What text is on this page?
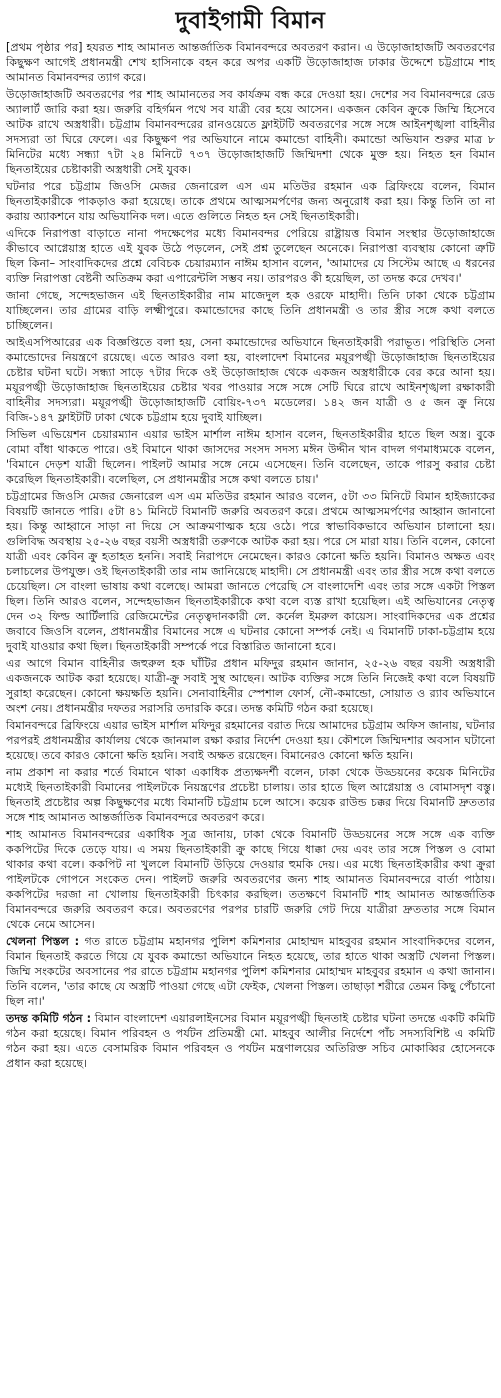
দুবাইগামী বিমান

[প্রথম পৃষ্ঠার পর] হযরত শাহ আমানত আন্তর্জাতিক বিমানবন্দরে অবতরণ করান। এ উড়োজাহাজটি অবতরণের কিছুক্ষণ আগেই প্রধানমন্ত্রী শেখ হাসিনাকে বহন করে অপর একটি উড়োজাহাজ ঢাকার উদ্দেশে চট্টগ্রামে শাহ আমানত বিমানবন্দর ত্যাগ করে।

উড়োজাহাজটি অবতরণের পর শাহ আমানতের সব কার্যক্রম বন্ধ করে দেওয়া হয়। দেশের সব বিমানবন্দরে রেড অ্যালার্ট জারি করা হয়। জরুরি বহির্গমন পথে সব যাত্রী বের হয়ে আসেন। একজন কেবিন ক্রুকে জিম্মি হিসেবে আটক রাখে অস্ত্রধারী। চট্টগ্রাম বিমানবন্দরের রানওয়েতে ফ্লাইটটি অবতরণের সঙ্গে সঙ্গে আইনশৃঙ্খলা বাহিনীর সদস্যরা তা ঘিরে ফেলে। এর কিছুক্ষণ পর অভিযানে নামে কমান্ডো বাহিনী। কমান্ডো অভিযান শুরুর মাত্র ৮ মিনিটের মধ্যে সন্ধ্যা ৭টা ২৪ মিনিটে ৭৩৭ উড়োজাহাজটি জিম্মিদশা থেকে মুক্ত হয়। নিহত হন বিমান ছিনতাইয়ের চেষ্টাকারী অস্ত্রধারী সেই যুবক।

ঘটনার পরে চট্টগ্রাম জিওসি মেজর জেনারেল এস এম মতিউর রহমান এক ব্রিফিংয়ে বলেন, বিমান ছিনতাইকারীকে পাকড়াও করা হয়েছে। তাকে প্রথমে আত্মসমর্পণের জন্য অনুরোধ করা হয়। কিন্তু তিনি তা না করায় অ্যাকশনে যায় অভিযানিক দল। এতে গুলিতে নিহত হন সেই ছিনতাইকারী।

এদিকে নিরাপত্তা বাড়াতে নানা পদক্ষেপের মধ্যে বিমানবন্দর পেরিয়ে রাষ্ট্রায়ত্ত বিমান সংস্থার উড়োজাহাজে কীভাবে আগ্নেয়াস্ত্র হাতে এই যুবক উঠে পড়লেন, সেই প্রশ্ন তুলেছেন অনেকে। নিরাপত্তা ব্যবস্থায় কোনো ত্রুটি ছিল কিনা– সাংবাদিকদের প্রশ্নে বেবিচক চেয়ারম্যান নাঈম হাসান বলেন, 'আমাদের যে সিস্টেম আছে এ ধরনের ব্যক্তি নিরাপত্তা বেষ্টনী অতিক্রম করা এপারেন্টলি সম্ভব নয়। তারপরও কী হয়েছিল, তা তদন্ত করে দেখব।'

জানা গেছে, সন্দেহভাজন এই ছিনতাইকারীর নাম মাজেদুল হক ওরফে মাহাদী। তিনি ঢাকা থেকে চট্টগ্রাম যাচ্ছিলেন। তার গ্রামের বাড়ি লক্ষ্মীপুরে। কমান্ডোদের কাছে তিনি প্রধানমন্ত্রী ও তার স্ত্রীর সঙ্গে কথা বলতে চাচ্ছিলেন।

আইএসপিআরের এক বিজ্ঞপ্তিতে বলা হয়, সেনা কমান্ডোদের অভিযানে ছিনতাইকারী পরাভূত। পরিস্থিতি সেনা কমান্ডোদের নিয়ন্ত্রণে রয়েছে। এতে আরও বলা হয়, বাংলাদেশ বিমানের ময়ূরপঙ্খী উড়োজাহাজ ছিনতাইয়ের চেষ্টার ঘটনা ঘটে। সন্ধ্যা সাড়ে ৭টার দিকে ওই উড়োজাহাজ থেকে একজন অস্ত্রধারীকে বের করে আনা হয়। ময়ূরপঙ্খী উড়োজাহাজ ছিনতাইয়ের চেষ্টার খবর পাওয়ার সঙ্গে সঙ্গে সেটি ঘিরে রাখে আইনশৃঙ্খলা রক্ষাকারী বাহিনীর সদস্যরা। ময়ূরপঙ্খী উড়োজাহাজটি বোয়িং-৭৩৭ মডেলের। ১৪২ জন যাত্রী ও ৫ জন ক্রু নিয়ে বিজি-১৪৭ ফ্লাইটটি ঢাকা থেকে চট্টগ্রাম হয়ে দুবাই যাচ্ছিল।

সিভিল এভিয়েশন চেয়ারম্যান এয়ার ভাইস মার্শাল নাঈম হাসান বলেন, ছিনতাইকারীর হাতে ছিল অস্ত্র। বুকে বোমা বাঁধা থাকতে পারে। ওই বিমানে থাকা জাসদের সংসদ সদস্য মঈন উদ্দীন খান বাদল গণমাধ্যমকে বলেন, 'বিমানে দেড়শ যাত্রী ছিলেন। পাইলট আমার সঙ্গে নেমে এসেছেন। তিনি বলেছেন, তাকে পারসু করার চেষ্টা করেছিল ছিনতাইকারী। বলেছিল, সে প্রধানমন্ত্রীর সঙ্গে কথা বলতে চায়।'

চট্টগ্রামের জিওসি মেজর জেনারেল এস এম মতিউর রহমান আরও বলেন, ৫টা ৩৩ মিনিটে বিমান হাইজ্যাকের বিষয়টি জানতে পারি। ৫টা ৪১ মিনিটে বিমানটি জরুরি অবতরণ করে। প্রথমে আত্মসমর্পণের আহ্বান জানানো হয়। কিন্তু আহ্বানে সাড়া না দিয়ে সে আক্রমণাত্মক হয়ে ওঠে। পরে স্বাভাবিকভাবে অভিযান চালানো হয়। গুলিবিদ্ধ অবস্থায় ২৫-২৬ বছর বয়সী অস্ত্রধারী তরুণকে আটক করা হয়। পরে সে মারা যায়। তিনি বলেন, কোনো যাত্রী এবং কেবিন ক্রু হতাহত হননি। সবাই নিরাপদে নেমেছেন। কারও কোনো ক্ষতি হয়নি। বিমানও অক্ষত এবং চলাচলের উপযুক্ত। ওই ছিনতাইকারী তার নাম জানিয়েছে মাহাদী। সে প্রধানমন্ত্রী এবং তার স্ত্রীর সঙ্গে কথা বলতে চেয়েছিল। সে বাংলা ভাষায় কথা বলেছে। আমরা জানতে পেরেছি সে বাংলাদেশি এবং তার সঙ্গে একটা পিস্তল ছিল। তিনি আরও বলেন, সন্দেহভাজন ছিনতাইকারীকে কথা বলে ব্যস্ত রাখা হয়েছিল। এই অভিযানের নেতৃত্ব দেন ৩২ ফিল্ড আর্টিলারি রেজিমেন্টের নেতৃত্বদানকারী লে. কর্নেল ইমরুল কায়েস। সাংবাদিকদের এক প্রশ্নের জবাবে জিওসি বলেন, প্রধানমন্ত্রীর বিমানের সঙ্গে এ ঘটনার কোনো সম্পর্ক নেই। এ বিমানটি ঢাকা-চট্টগ্রাম হয়ে দুবাই যাওয়ার কথা ছিল। ছিনতাইকারী সম্পর্কে পরে বিস্তারিত জানানো হবে।

এর আগে বিমান বাহিনীর জহুরুল হক ঘাঁটির প্রধান মফিদুর রহমান জানান, ২৫-২৬ বছর বয়সী অস্ত্রধারী একজনকে আটক করা হয়েছে। যাত্রী-ক্রু সবাই সুস্থ আছেন। আটক ব্যক্তির সঙ্গে তিনি নিজেই কথা বলে বিষয়টি সুরাহা করেছেন। কোনো ক্ষয়ক্ষতি হয়নি। সেনাবাহিনীর স্পেশাল ফোর্স, নৌ-কমান্ডো, সোয়াত ও র‌্যাব অভিযানে অংশ নেয়। প্রধানমন্ত্রীর দফতর সরাসরি তদারকি করে। তদন্ত কমিটি গঠন করা হয়েছে।

বিমানবন্দরে ব্রিফিংয়ে এয়ার ভাইস মার্শাল মফিদুর রহমানের বরাত দিয়ে আমাদের চট্টগ্রাম অফিস জানায়, ঘটনার পরপরই প্রধানমন্ত্রীর কার্যালয় থেকে জানমাল রক্ষা করার নির্দেশ দেওয়া হয়। কৌশলে জিম্মিদশার অবসান ঘটানো হয়েছে। তবে কারও কোনো ক্ষতি হয়নি। সবাই অক্ষত রয়েছেন। বিমানেরও কোনো ক্ষতি হয়নি।

নাম প্রকাশ না করার শর্তে বিমানে থাকা একাধিক প্রত্যক্ষদর্শী বলেন, ঢাকা থেকে উড্ডয়নের কয়েক মিনিটের মধ্যেই ছিনতাইকারী বিমানের পাইলটকে নিয়ন্ত্রণের প্রচেষ্টা চালায়। তার হাতে ছিল আগ্নেয়াস্ত্র ও বোমাসদৃশ বস্তু। ছিনতাই প্রচেষ্টার অল্প কিছুক্ষণের মধ্যে বিমানটি চট্টগ্রাম চলে আসে। কয়েক রাউন্ড চক্কর দিয়ে বিমানটি দ্রুততার সঙ্গে শাহ আমানত আন্তর্জাতিক বিমানবন্দরে অবতরণ করে।

শাহ আমানত বিমানবন্দরের একাধিক সূত্র জানায়, ঢাকা থেকে বিমানটি উড্ডয়নের সঙ্গে সঙ্গে এক ব্যক্তি ককপিটের দিকে তেড়ে যায়। এ সময় ছিনতাইকারী ক্রু কাছে গিয়ে ধাক্কা দেয় এবং তার সঙ্গে পিস্তল ও বোমা থাকার কথা বলে। ককপিট না খুললে বিমানটি উড়িয়ে দেওয়ার হুমকি দেয়। এর মধ্যে ছিনতাইকারীর কথা ক্রুরা পাইলটকে গোপনে সংকেত দেন। পাইলট জরুরি অবতরণের জন্য শাহ আমানত বিমানবন্দরে বার্তা পাঠায়। ককপিটের দরজা না খোলায় ছিনতাইকারী চিৎকার করছিল। ততক্ষণে বিমানটি শাহ আমানত আন্তর্জাতিক বিমানবন্দরে জরুরি অবতরণ করে। অবতরণের পরপর চারটি জরুরি গেট দিয়ে যাত্রীরা দ্রুততার সঙ্গে বিমান থেকে নেমে আসেন।

খেলনা পিস্তল : গত রাতে চট্টগ্রাম মহানগর পুলিশ কমিশনার মোহাম্মদ মাহবুবর রহমান সাংবাদিকদের বলেন, বিমান ছিনতাই করতে গিয়ে যে যুবক কমান্ডো অভিযানে নিহত হয়েছে, তার হাতে থাকা অস্ত্রটি খেলনা পিস্তল। জিম্মি সংকটের অবসানের পর রাতে চট্টগ্রাম মহানগর পুলিশ কমিশনার মোহাম্মদ মাহবুবর রহমান এ কথা জানান। তিনি বলেন, 'তার কাছে যে অস্ত্রটি পাওয়া গেছে এটা ফেইক, খেলনা পিস্তল। তাছাড়া শরীরে তেমন কিছু পেঁচানো ছিল না।'

তদন্ত কমিটি গঠন : বিমান বাংলাদেশ এয়ারলাইনসের বিমান ময়ূরপঙ্খী ছিনতাই চেষ্টার ঘটনা তদন্তে একটি কমিটি গঠন করা হয়েছে। বিমান পরিবহন ও পর্যটন প্রতিমন্ত্রী মো. মাহবুব আলীর নির্দেশে পাঁচ সদস্যবিশিষ্ট এ কমিটি গঠন করা হয়। এতে বেসামরিক বিমান পরিবহন ও পর্যটন মন্ত্রণালয়ের অতিরিক্ত সচিব মোকাব্বির হোসেনকে প্রধান করা হয়েছে।
